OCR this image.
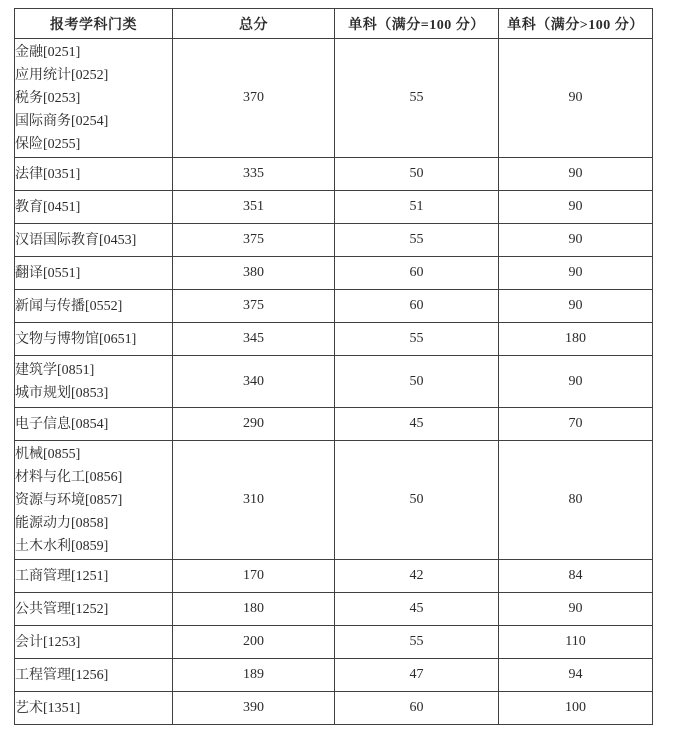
报考学科门类	总分	单科（满分=100 分）	单科（满分>100 分）

金融[0251]
应用统计[0252]
税务[0253]
国际商务[0254]
保险[0255]	370	55	90

法律[0351]	335	50	90

教育[0451]	351	51	90

汉语国际教育[0453]	375	55	90

翻译[0551]	380	60	90

新闻与传播[0552]	375	60	90

文物与博物馆[0651]	345	55	180

建筑学[0851]
城市规划[0853]	340	50	90

电子信息[0854]	290	45	70

机械[0855]
材料与化工[0856]
资源与环境[0857]
能源动力[0858]
土木水利[0859]	310	50	80

工商管理[1251]	170	42	84

公共管理[1252]	180	45	90

会计[1253]	200	55	110

工程管理[1256]	189	47	94

艺术[1351]	390	60	100
